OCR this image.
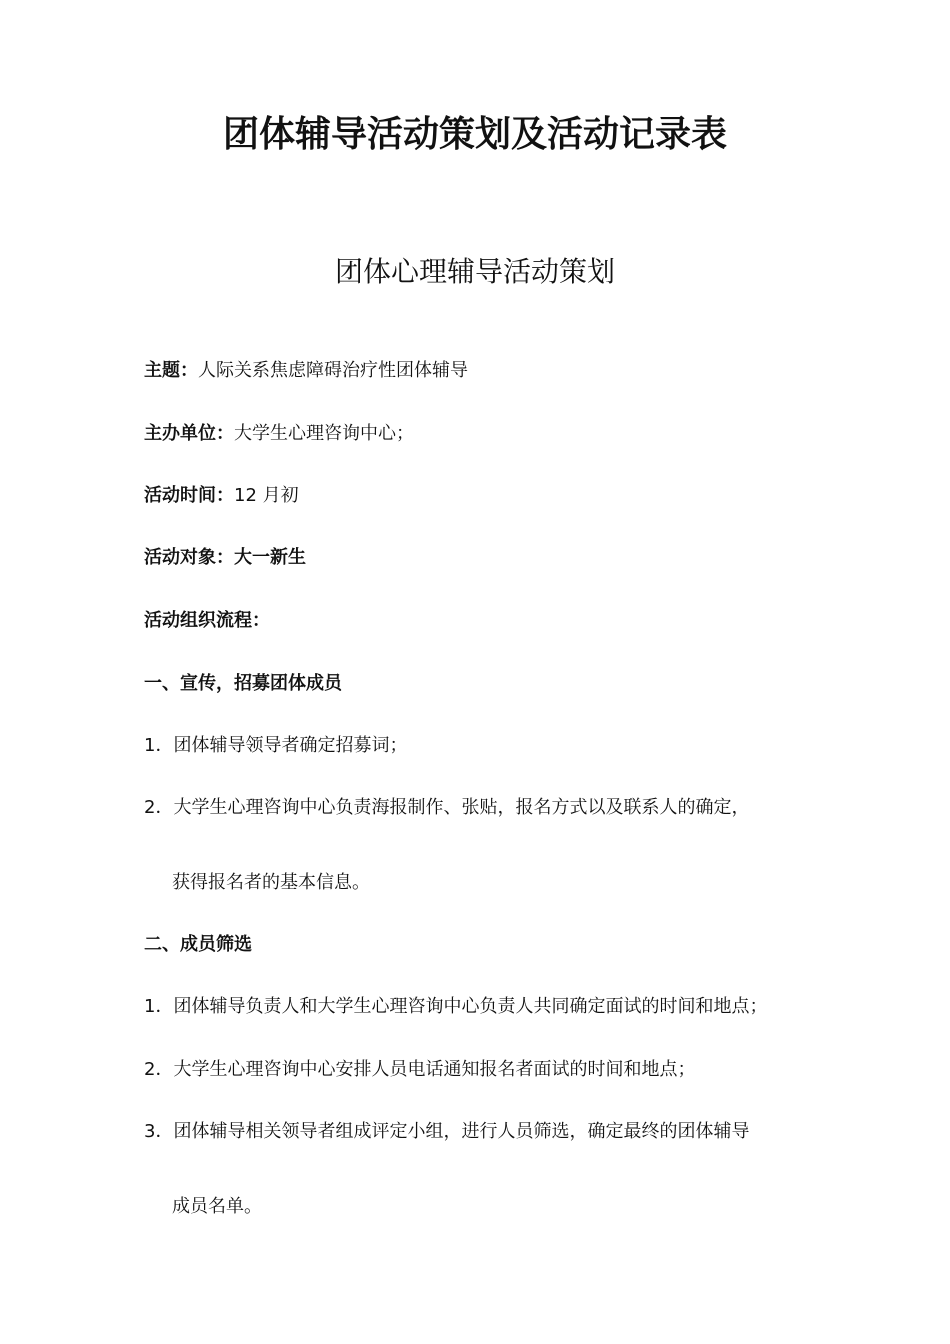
团体辅导活动策划及活动记录表
团体心理辅导活动策划

主题：人际关系焦虑障碍治疗性团体辅导

主办单位：大学生心理咨询中心；

活动时间：12 月初

活动对象：大一新生

活动组织流程：

一、宣传，招募团体成员

1．团体辅导领导者确定招募词；

2．大学生心理咨询中心负责海报制作、张贴，报名方式以及联系人的确定，

获得报名者的基本信息。

二、成员筛选

1．团体辅导负责人和大学生心理咨询中心负责人共同确定面试的时间和地点；

2．大学生心理咨询中心安排人员电话通知报名者面试的时间和地点；

3．团体辅导相关领导者组成评定小组，进行人员筛选，确定最终的团体辅导

成员名单。
